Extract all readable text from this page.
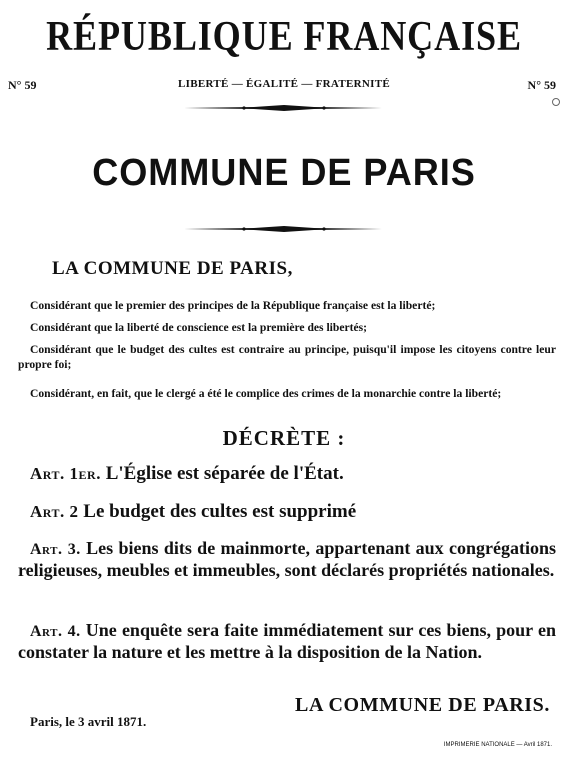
RÉPUBLIQUE FRANÇAISE
N° 59	LIBERTÉ — ÉGALITÉ — FRATERNITÉ	N° 59
COMMUNE DE PARIS
LA COMMUNE DE PARIS,
Considérant que le premier des principes de la République française est la liberté;
Considérant que la liberté de conscience est la première des libertés;
Considérant que le budget des cultes est contraire au principe, puisqu'il impose les citoyens contre leur propre foi;
Considérant, en fait, que le clergé a été le complice des crimes de la monarchie contre la liberté;
DÉCRÈTE :
Art. 1er. L'Église est séparée de l'État.
Art. 2 Le budget des cultes est supprimé
Art. 3. Les biens dits de mainmorte, appartenant aux congrégations religieuses, meubles et immeubles, sont déclarés propriétés nationales.
Art. 4. Une enquête sera faite immédiatement sur ces biens, pour en constater la nature et les mettre à la disposition de la Nation.
LA COMMUNE DE PARIS.
Paris, le 3 avril 1871.
IMPRIMERIE NATIONALE — Avril 1871.
